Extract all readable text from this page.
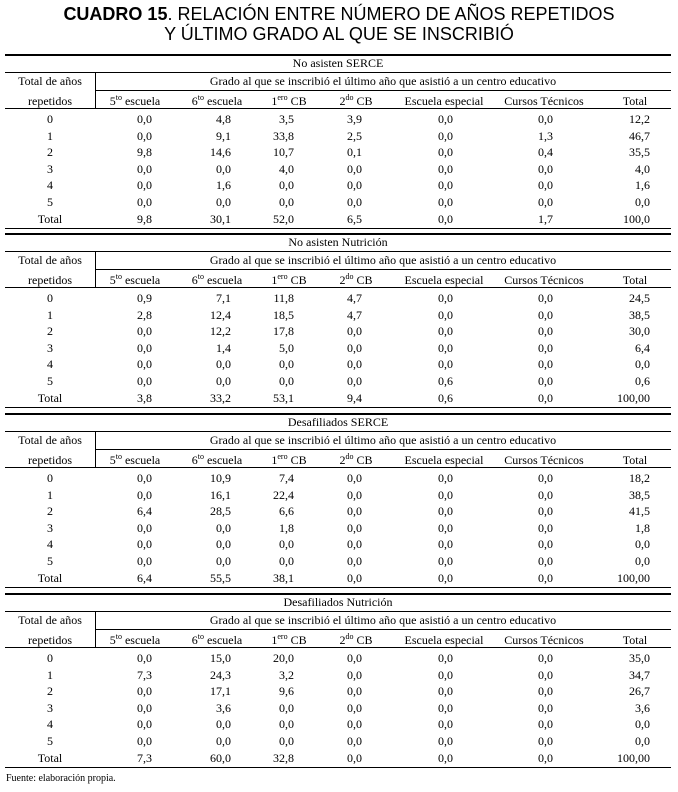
CUADRO 15. RELACIÓN ENTRE NÚMERO DE AÑOS REPETIDOS
Y ÚLTIMO GRADO AL QUE SE INSCRIBIÓ
No asisten SERCE
Total de años
repetidos
Grado al que se inscribió el último año que asistió a un centro educativo
$5^{to}$ escuela	$6^{to}$ escuela	$1^{ero}$ CB	$2^{do}$ CB	Escuela especial	Cursos Técnicos	Total
0	0,0	4,8	3,5	3,9	0,0	0,0	12,2
1	0,0	9,1	33,8	2,5	0,0	1,3	46,7
2	9,8	14,6	10,7	0,1	0,0	0,4	35,5
3	0,0	0,0	4,0	0,0	0,0	0,0	4,0
4	0,0	1,6	0,0	0,0	0,0	0,0	1,6
5	0,0	0,0	0,0	0,0	0,0	0,0	0,0
Total	9,8	30,1	52,0	6,5	0,0	1,7	100,0
No asisten Nutrición
Total de años
repetidos
Grado al que se inscribió el último año que asistió a un centro educativo
$5^{to}$ escuela	$6^{to}$ escuela	$1^{ero}$ CB	$2^{do}$ CB	Escuela especial	Cursos Técnicos	Total
0	0,9	7,1	11,8	4,7	0,0	0,0	24,5
1	2,8	12,4	18,5	4,7	0,0	0,0	38,5
2	0,0	12,2	17,8	0,0	0,0	0,0	30,0
3	0,0	1,4	5,0	0,0	0,0	0,0	6,4
4	0,0	0,0	0,0	0,0	0,0	0,0	0,0
5	0,0	0,0	0,0	0,0	0,6	0,0	0,6
Total	3,8	33,2	53,1	9,4	0,6	0,0	100,00
Desafiliados SERCE
Total de años
repetidos
Grado al que se inscribió el último año que asistió a un centro educativo
$5^{to}$ escuela	$6^{to}$ escuela	$1^{ero}$ CB	$2^{do}$ CB	Escuela especial	Cursos Técnicos	Total
0	0,0	10,9	7,4	0,0	0,0	0,0	18,2
1	0,0	16,1	22,4	0,0	0,0	0,0	38,5
2	6,4	28,5	6,6	0,0	0,0	0,0	41,5
3	0,0	0,0	1,8	0,0	0,0	0,0	1,8
4	0,0	0,0	0,0	0,0	0,0	0,0	0,0
5	0,0	0,0	0,0	0,0	0,0	0,0	0,0
Total	6,4	55,5	38,1	0,0	0,0	0,0	100,00
Desafiliados Nutrición
Total de años
repetidos
Grado al que se inscribió el último año que asistió a un centro educativo
$5^{to}$ escuela	$6^{to}$ escuela	$1^{ero}$ CB	$2^{do}$ CB	Escuela especial	Cursos Técnicos	Total
0	0,0	15,0	20,0	0,0	0,0	0,0	35,0
1	7,3	24,3	3,2	0,0	0,0	0,0	34,7
2	0,0	17,1	9,6	0,0	0,0	0,0	26,7
3	0,0	3,6	0,0	0,0	0,0	0,0	3,6
4	0,0	0,0	0,0	0,0	0,0	0,0	0,0
5	0,0	0,0	0,0	0,0	0,0	0,0	0,0
Total	7,3	60,0	32,8	0,0	0,0	0,0	100,00
Fuente: elaboración propia.
